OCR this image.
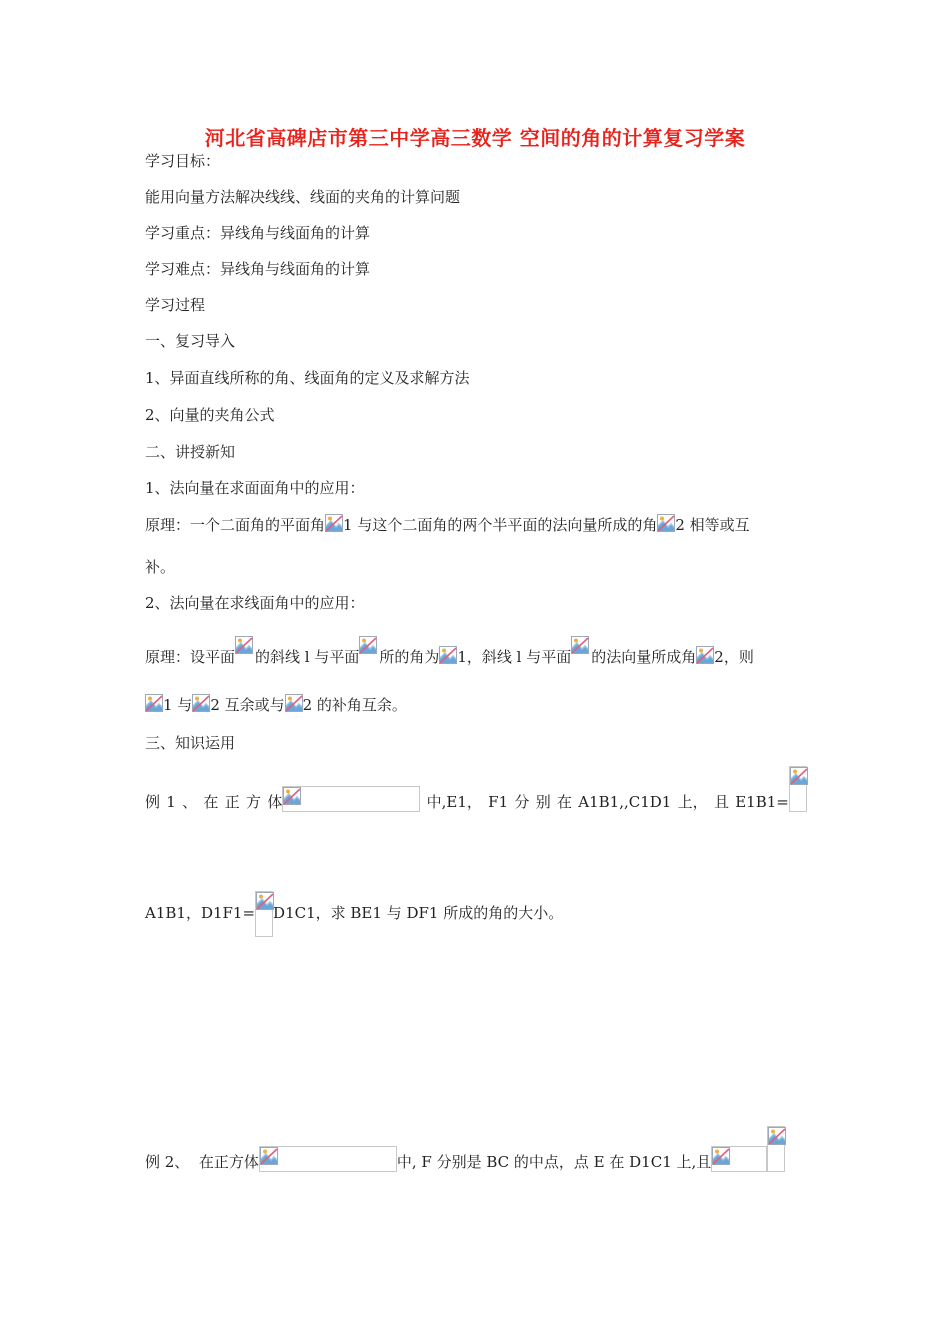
河北省高碑店市第三中学高三数学 空间的角的计算复习学案
学习目标：
能用向量方法解决线线、线面的夹角的计算问题
学习重点：异线角与线面角的计算
学习难点：异线角与线面角的计算
学习过程
一、复习导入
1、异面直线所称的角、线面角的定义及求解方法
2、向量的夹角公式
二、讲授新知
1、法向量在求面面角中的应用：
原理：一个二面角的平面角 1 与这个二面角的两个半平面的法向量所成的角 2 相等或互
补。
2、法向量在求线面角中的应用：
原理：设平面 的斜线 l 与平面 所的角为 1，斜线 l 与平面 的法向量所成角 2，则
1 与 2 互余或与 2 的补角互余。
三、知识运用
例 1 、 在 正 方 体	中,E1， F1 分 别 在 A1B1,,C1D1 上， 且 E1B1=
A1B1，D1F1= D1C1，求 BE1 与 DF1 所成的角的大小。
例 2、  在正方体	中, F 分别是 BC 的中点，点 E 在 D1C1 上,且
